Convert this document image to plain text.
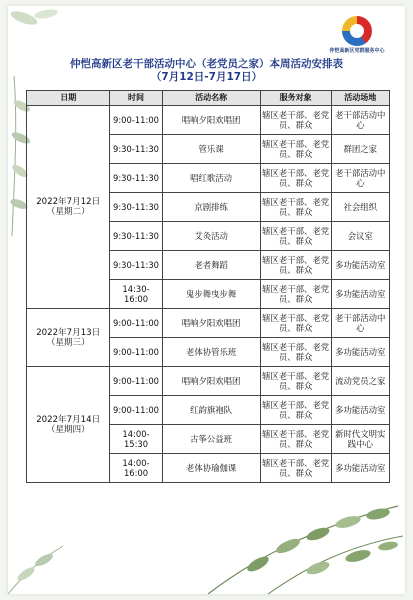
仲恺高新区党群服务中心
仲恺高新区老干部活动中心（老党员之家）本周活动安排表
（7月12日-7月17日）
日期	时间	活动名称	服务对象	活动场地

2022年7月12日
（星期二）	9:00-11:00	唱响夕阳欢唱团	辖区老干部、老党员、群众	老干部活动中心
	9:30-11:30	管乐课	辖区老干部、老党员、群众	群团之家
	9:30-11:30	唱红歌活动	辖区老干部、老党员、群众	老干部活动中心
	9:30-11:30	京剧排练	辖区老干部、老党员、群众	社会组织
	9:30-11:30	艾灸活动	辖区老干部、老党员、群众	会议室
	9:30-11:30	老者舞蹈	辖区老干部、老党员、群众	多功能活动室
	14:30-16:00	鬼步舞曳步舞	辖区老干部、老党员、群众	多功能活动室

2022年7月13日
（星期三）	9:00-11:00	唱响夕阳欢唱团	辖区老干部、老党员、群众	老干部活动中心
	9:00-11:00	老体协管乐班	辖区老干部、老党员、群众	多功能活动室

2022年7月14日
（星期四）	9:00-11:00	唱响夕阳欢唱团	辖区老干部、老党员、群众	流动党员之家
	9:00-11:00	红韵旗袍队	辖区老干部、老党员、群众	多功能活动室
	14:00-15:30	古筝公益班	辖区老干部、老党员、群众	新时代文明实践中心
	14:00-16:00	老体协瑜伽课	辖区老干部、老党员、群众	多功能活动室
